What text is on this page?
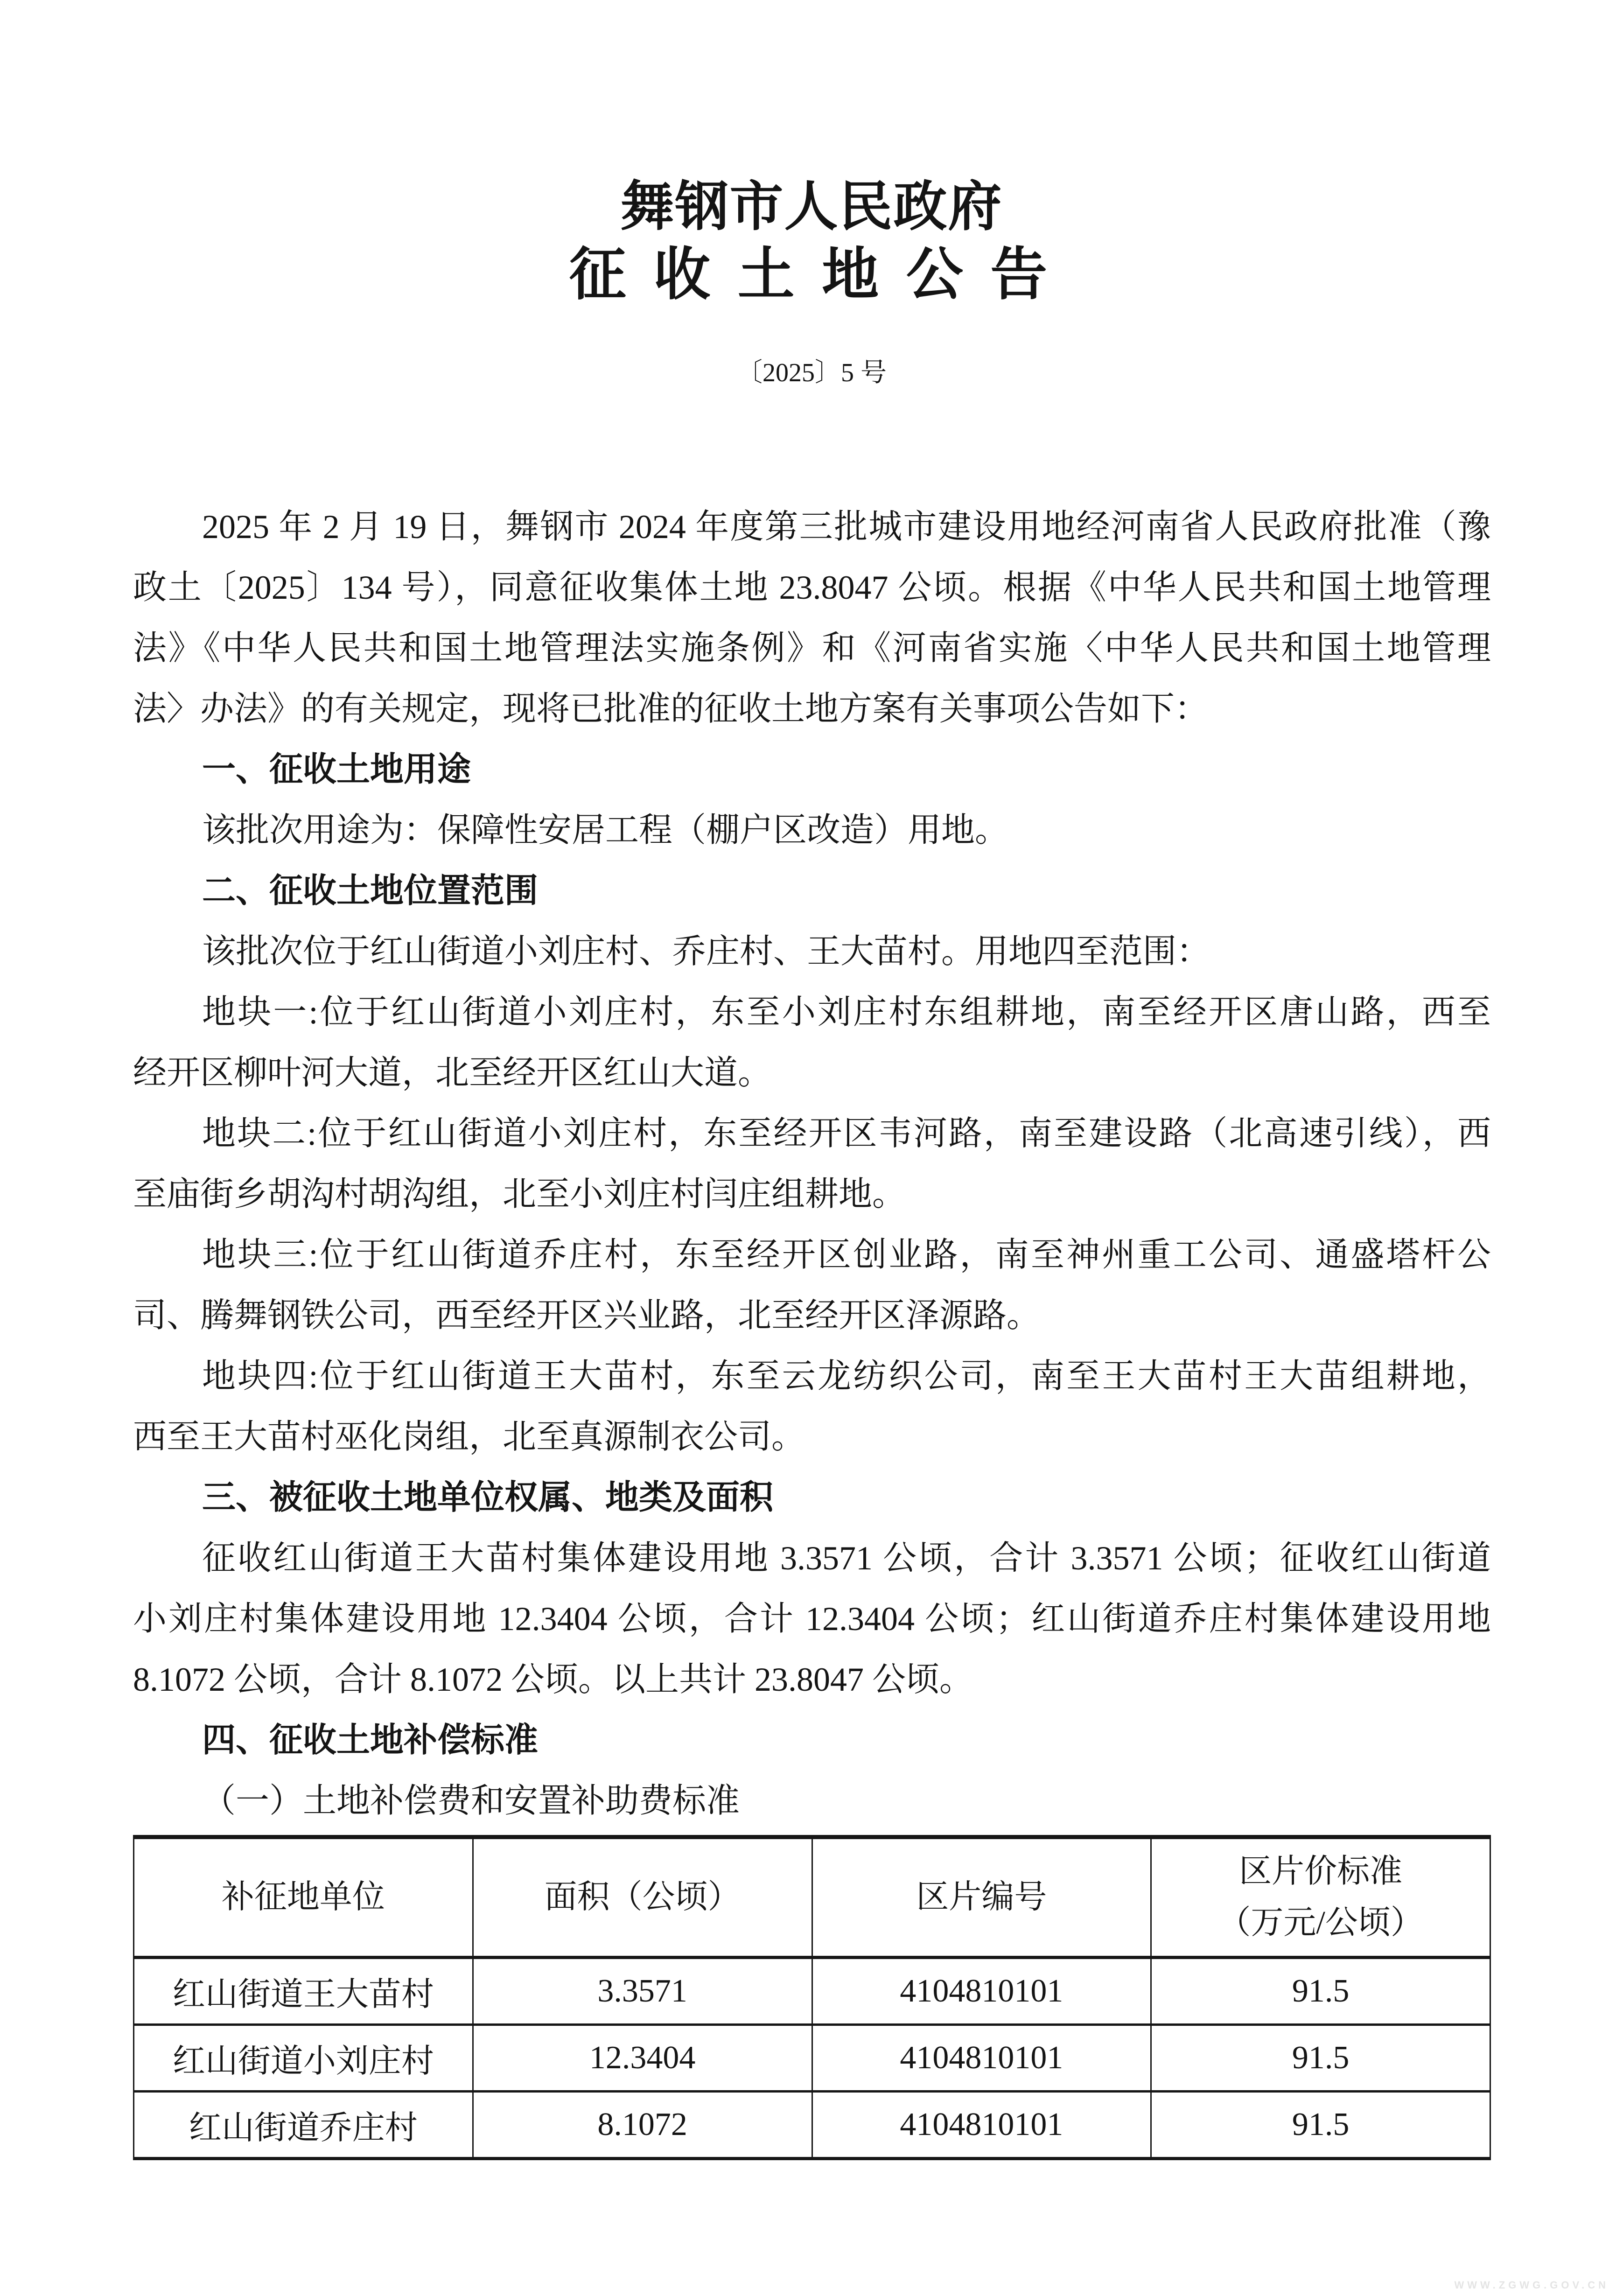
舞钢市人民政府
征 收 土 地 公 告
〔2025〕5 号
2025 年 2 月 19 日，舞钢市 2024 年度第三批城市建设用地经河南省人民政府批准（豫
政土〔2025〕134 号），同意征收集体土地 23.8047 公顷。根据《中华人民共和国土地管理
法》《中华人民共和国土地管理法实施条例》和《河南省实施〈中华人民共和国土地管理
法〉办法》的有关规定，现将已批准的征收土地方案有关事项公告如下：
一、征收土地用途
该批次用途为：保障性安居工程（棚户区改造）用地。
二、征收土地位置范围
该批次位于红山街道小刘庄村、乔庄村、王大苗村。用地四至范围：
地块一:位于红山街道小刘庄村，东至小刘庄村东组耕地，南至经开区唐山路，西至
经开区柳叶河大道，北至经开区红山大道。
地块二:位于红山街道小刘庄村，东至经开区韦河路，南至建设路（北高速引线），西
至庙街乡胡沟村胡沟组，北至小刘庄村闫庄组耕地。
地块三:位于红山街道乔庄村，东至经开区创业路，南至神州重工公司、通盛塔杆公
司、腾舞钢铁公司，西至经开区兴业路，北至经开区泽源路。
地块四:位于红山街道王大苗村，东至云龙纺织公司，南至王大苗村王大苗组耕地，
西至王大苗村巫化岗组，北至真源制衣公司。
三、被征收土地单位权属、地类及面积
征收红山街道王大苗村集体建设用地 3.3571 公顷，合计 3.3571 公顷；征收红山街道
小刘庄村集体建设用地 12.3404 公顷，合计 12.3404 公顷；红山街道乔庄村集体建设用地
8.1072 公顷，合计 8.1072 公顷。以上共计 23.8047 公顷。
四、征收土地补偿标准
（一）土地补偿费和安置补助费标准
补征地单位	面积（公顷）	区片编号	区片价标准
（万元/公顷）

红山街道王大苗村	3.3571	4104810101	91.5
红山街道小刘庄村	12.3404	4104810101	91.5
红山街道乔庄村	8.1072	4104810101	91.5
WWW.ZGWG.GOV.CN
